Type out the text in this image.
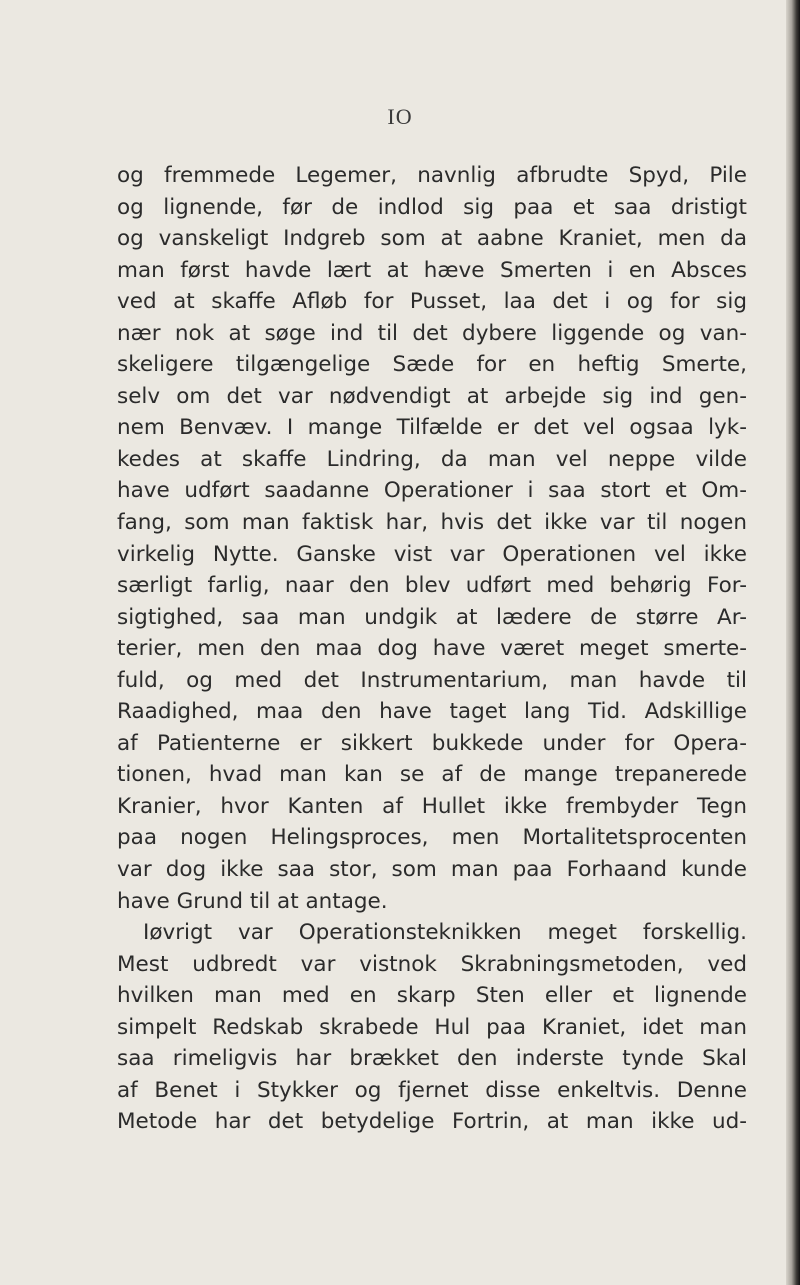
IO
og fremmede Legemer, navnlig afbrudte Spyd, Pile
og lignende, før de indlod sig paa et saa dristigt
og vanskeligt Indgreb som at aabne Kraniet, men da
man først havde lært at hæve Smerten i en Absces
ved at skaffe Afløb for Pusset, laa det i og for sig
nær nok at søge ind til det dybere liggende og van-
skeligere tilgængelige Sæde for en heftig Smerte,
selv om det var nødvendigt at arbejde sig ind gen-
nem Benvæv. I mange Tilfælde er det vel ogsaa lyk-
kedes at skaffe Lindring, da man vel neppe vilde
have udført saadanne Operationer i saa stort et Om-
fang, som man faktisk har, hvis det ikke var til nogen
virkelig Nytte. Ganske vist var Operationen vel ikke
særligt farlig, naar den blev udført med behørig For-
sigtighed, saa man undgik at lædere de større Ar-
terier, men den maa dog have været meget smerte-
fuld, og med det Instrumentarium, man havde til
Raadighed, maa den have taget lang Tid. Adskillige
af Patienterne er sikkert bukkede under for Opera-
tionen, hvad man kan se af de mange trepanerede
Kranier, hvor Kanten af Hullet ikke frembyder Tegn
paa nogen Helingsproces, men Mortalitetsprocenten
var dog ikke saa stor, som man paa Forhaand kunde
have Grund til at antage.
Iøvrigt var Operationsteknikken meget forskellig.
Mest udbredt var vistnok Skrabningsmetoden, ved
hvilken man med en skarp Sten eller et lignende
simpelt Redskab skrabede Hul paa Kraniet, idet man
saa rimeligvis har brækket den inderste tynde Skal
af Benet i Stykker og fjernet disse enkeltvis. Denne
Metode har det betydelige Fortrin, at man ikke ud-
